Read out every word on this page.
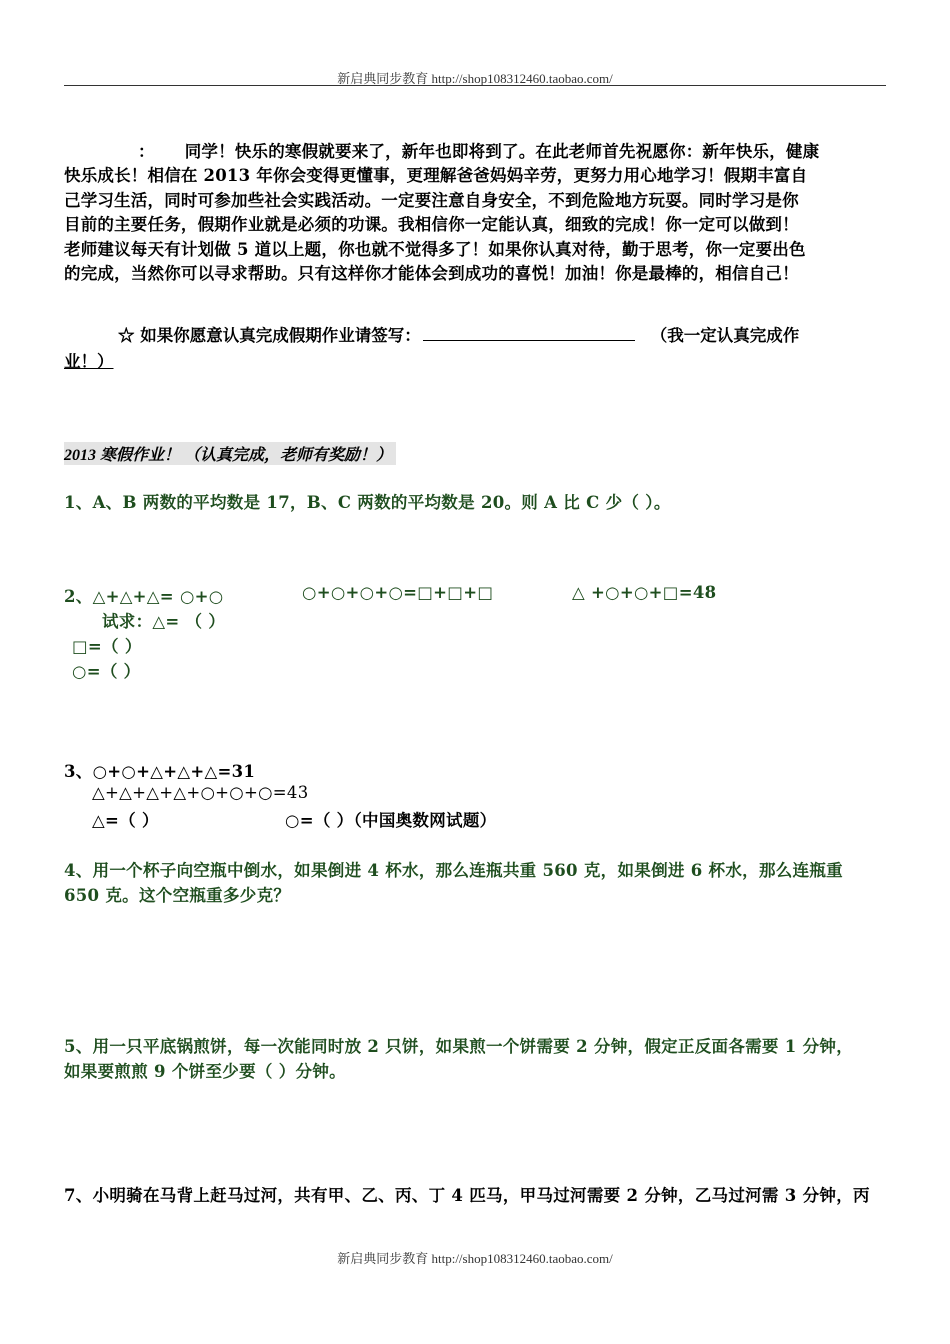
新启典同步教育 http://shop108312460.taobao.com/
： 同学！快乐的寒假就要来了，新年也即将到了。在此老师首先祝愿你：新年快乐，健康
快乐成长！相信在 2013 年你会变得更懂事，更理解爸爸妈妈辛劳，更努力用心地学习！假期丰富自
己学习生活，同时可参加些社会实践活动。一定要注意自身安全，不到危险地方玩耍。同时学习是你
目前的主要任务，假期作业就是必须的功课。我相信你一定能认真，细致的完成！你一定可以做到！
老师建议每天有计划做 5 道以上题，你也就不觉得多了！如果你认真对待，勤于思考，你一定要出色
的完成，当然你可以寻求帮助。只有这样你才能体会到成功的喜悦！加油！你是最棒的，相信自己！
☆ 如果你愿意认真完成假期作业请签写：	（我一定认真完成作
业！）
2013 寒假作业！ （认真完成，老师有奖励！）
1、A、B 两数的平均数是 17，B、C 两数的平均数是 20。则 A 比 C 少（ ）。
2、△+△+△= ○+○	○+○+○+○=□+□+□	△ +○+○+□=48
试求：△= （ ）
□=（ ）
○=（ ）
3、○+○+△+△+△=31
△+△+△+△+○+○+○=43
△=（ ）	○=（ ）（中国奥数网试题）
4、用一个杯子向空瓶中倒水，如果倒进 4 杯水，那么连瓶共重 560 克，如果倒进 6 杯水，那么连瓶重
650 克。这个空瓶重多少克？
5、用一只平底锅煎饼，每一次能同时放 2 只饼，如果煎一个饼需要 2 分钟，假定正反面各需要 1 分钟，
如果要煎煎 9 个饼至少要（ ）分钟。
7、小明骑在马背上赶马过河，共有甲、乙、丙、丁 4 匹马，甲马过河需要 2 分钟，乙马过河需 3 分钟，丙
新启典同步教育 http://shop108312460.taobao.com/
